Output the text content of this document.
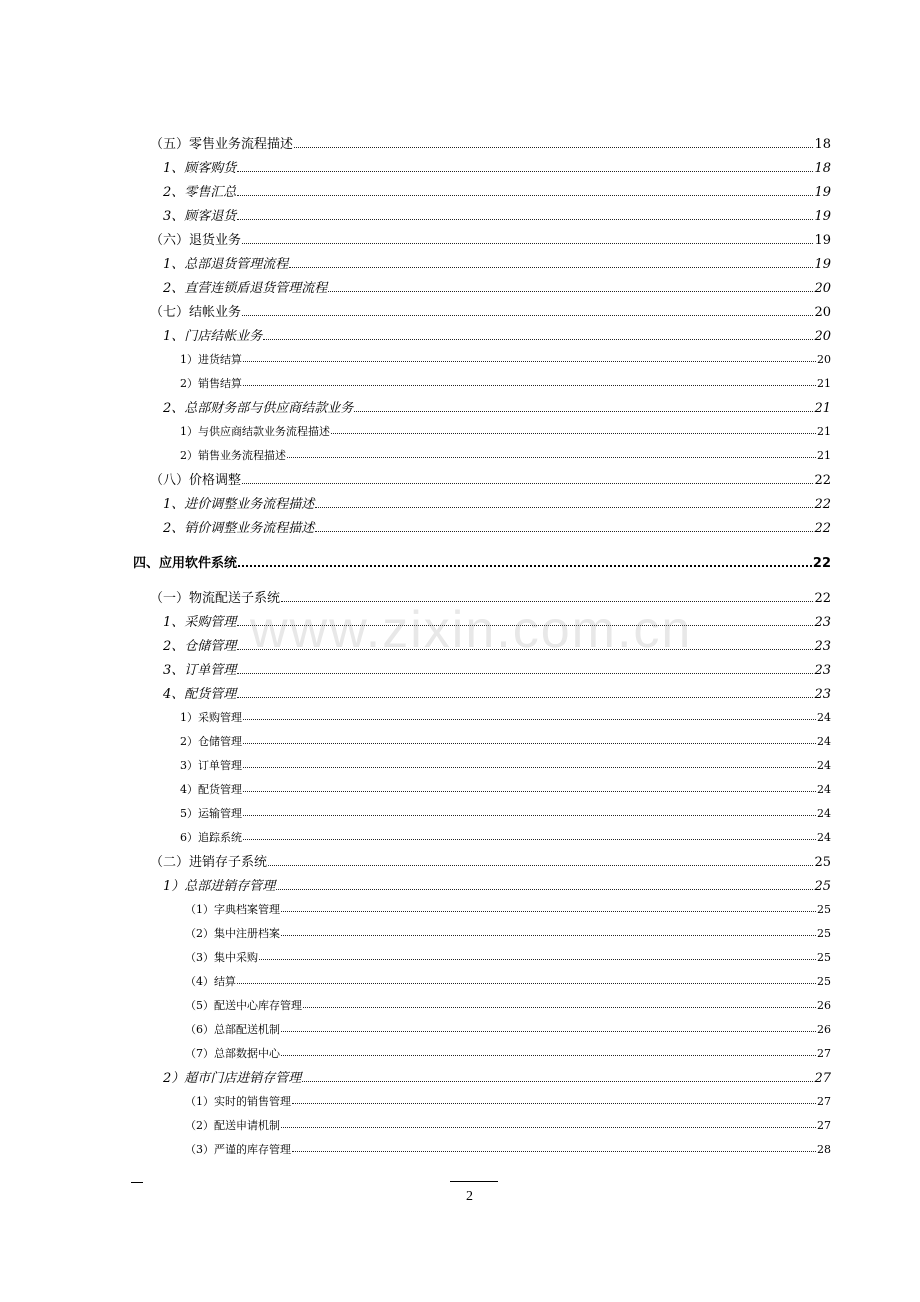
（五）零售业务流程描述	18
1、顾客购货	18
2、零售汇总	19
3、顾客退货	19
（六）退货业务	19
1、总部退货管理流程	19
2、直营连锁盾退货管理流程	20
（七）结帐业务	20
1、门店结帐业务	20
1）进货结算	20
2）销售结算	21
2、总部财务部与供应商结款业务	21
1）与供应商结款业务流程描述	21
2）销售业务流程描述	21
（八）价格调整	22
1、进价调整业务流程描述	22
2、销价调整业务流程描述	22
四、应用软件系统	22
（一）物流配送子系统	22
1、采购管理	23
2、仓储管理	23
3、订单管理	23
4、配货管理	23
1）采购管理	24
2）仓储管理	24
3）订单管理	24
4）配货管理	24
5）运输管理	24
6）追踪系统	24
（二）进销存子系统	25
1）总部进销存管理	25
（1）字典档案管理	25
（2）集中注册档案	25
（3）集中采购	25
（4）结算	25
（5）配送中心库存管理	26
（6）总部配送机制	26
（7）总部数据中心	27
2）超市门店进销存管理	27
（1）实时的销售管理	27
（2）配送申请机制	27
（3）严谨的库存管理	28
www.zixin.com.cn
2
